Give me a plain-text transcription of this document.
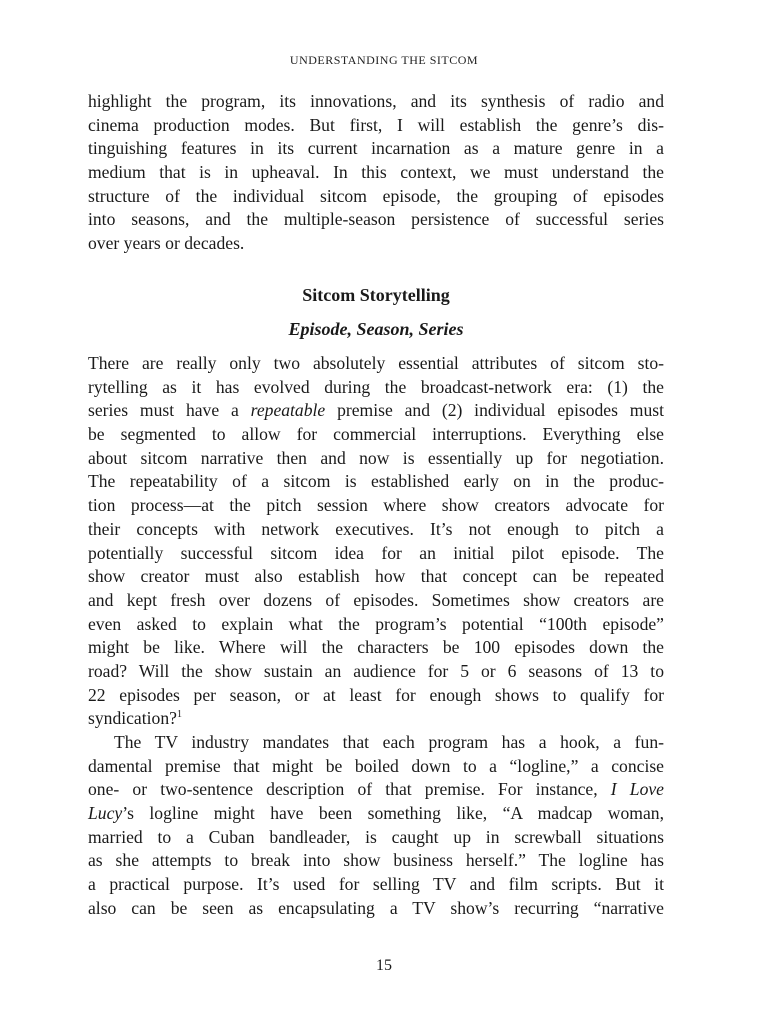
UNDERSTANDING THE SITCOM
highlight the program, its innovations, and its synthesis of radio and
cinema production modes. But first, I will establish the genre’s dis-
tinguishing features in its current incarnation as a mature genre in a
medium that is in upheaval. In this context, we must understand the
structure of the individual sitcom episode, the grouping of episodes
into seasons, and the multiple-season persistence of successful series
over years or decades.
Sitcom Storytelling
Episode, Season, Series
There are really only two absolutely essential attributes of sitcom sto-
rytelling as it has evolved during the broadcast-network era: (1) the
series must have a repeatable premise and (2) individual episodes must
be segmented to allow for commercial interruptions. Everything else
about sitcom narrative then and now is essentially up for negotiation.
The repeatability of a sitcom is established early on in the produc-
tion process—at the pitch session where show creators advocate for
their concepts with network executives. It’s not enough to pitch a
potentially successful sitcom idea for an initial pilot episode. The
show creator must also establish how that concept can be repeated
and kept fresh over dozens of episodes. Sometimes show creators are
even asked to explain what the program’s potential “100th episode”
might be like. Where will the characters be 100 episodes down the
road? Will the show sustain an audience for 5 or 6 seasons of 13 to
22 episodes per season, or at least for enough shows to qualify for
syndication?$^1$
The TV industry mandates that each program has a hook, a fun-
damental premise that might be boiled down to a “logline,” a concise
one- or two-sentence description of that premise. For instance, I Love
Lucy’s logline might have been something like, “A madcap woman,
married to a Cuban bandleader, is caught up in screwball situations
as she attempts to break into show business herself.” The logline has
a practical purpose. It’s used for selling TV and film scripts. But it
also can be seen as encapsulating a TV show’s recurring “narrative
15
